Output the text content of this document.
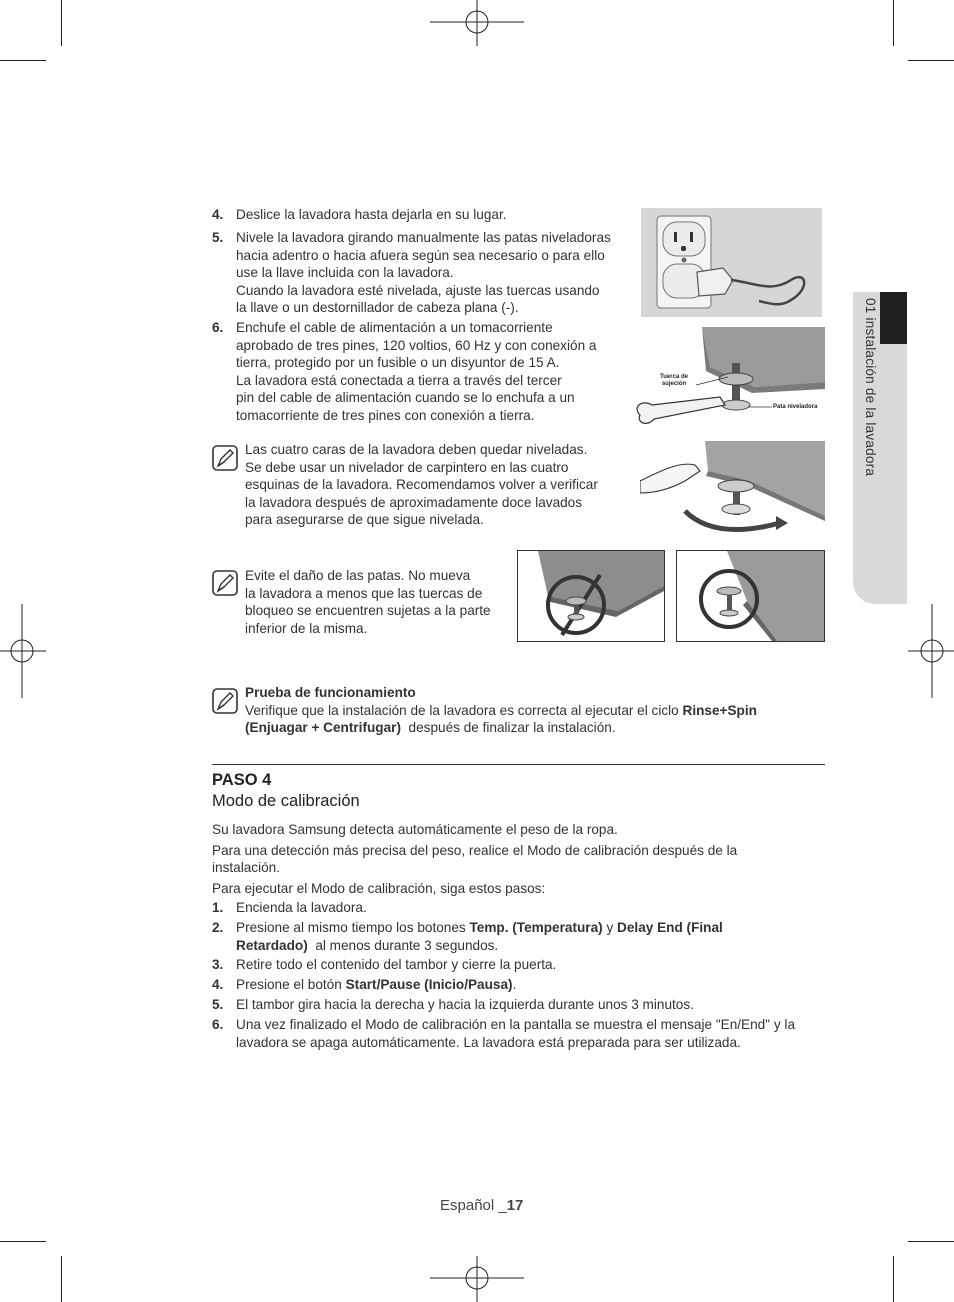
01 instalación de la lavadora
4. Deslice la lavadora hasta dejarla en su lugar.
5. Nivele la lavadora girando manualmente las patas niveladoras
hacia adentro o hacia afuera según sea necesario o para ello
use la llave incluida con la lavadora.
Cuando la lavadora esté nivelada, ajuste las tuercas usando
la llave o un destornillador de cabeza plana (-).
6. Enchufe el cable de alimentación a un tomacorriente
aprobado de tres pines, 120 voltios, 60 Hz y con conexión a
tierra, protegido por un fusible o un disyuntor de 15 A.
La lavadora está conectada a tierra a través del tercer
pin del cable de alimentación cuando se lo enchufa a un
tomacorriente de tres pines con conexión a tierra.
Tuerca de
sujeción
Pata niveladora
Las cuatro caras de la lavadora deben quedar niveladas.
Se debe usar un nivelador de carpintero en las cuatro
esquinas de la lavadora. Recomendamos volver a verificar
la lavadora después de aproximadamente doce lavados
para asegurarse de que sigue nivelada.
Evite el daño de las patas. No mueva
la lavadora a menos que las tuercas de
bloqueo se encuentren sujetas a la parte
inferior de la misma.
Prueba de funcionamiento
Verifique que la instalación de la lavadora es correcta al ejecutar el ciclo Rinse+Spin
(Enjuagar + Centrifugar)  después de finalizar la instalación.
PASO 4
Modo de calibración
Su lavadora Samsung detecta automáticamente el peso de la ropa.
Para una detección más precisa del peso, realice el Modo de calibración después de la
instalación.
Para ejecutar el Modo de calibración, siga estos pasos:
1. Encienda la lavadora.
2. Presione al mismo tiempo los botones Temp. (Temperatura) y Delay End (Final
Retardado)  al menos durante 3 segundos.
3. Retire todo el contenido del tambor y cierre la puerta.
4. Presione el botón Start/Pause (Inicio/Pausa).
5. El tambor gira hacia la derecha y hacia la izquierda durante unos 3 minutos.
6. Una vez finalizado el Modo de calibración en la pantalla se muestra el mensaje "En/End" y la
lavadora se apaga automáticamente. La lavadora está preparada para ser utilizada.
Español _17
